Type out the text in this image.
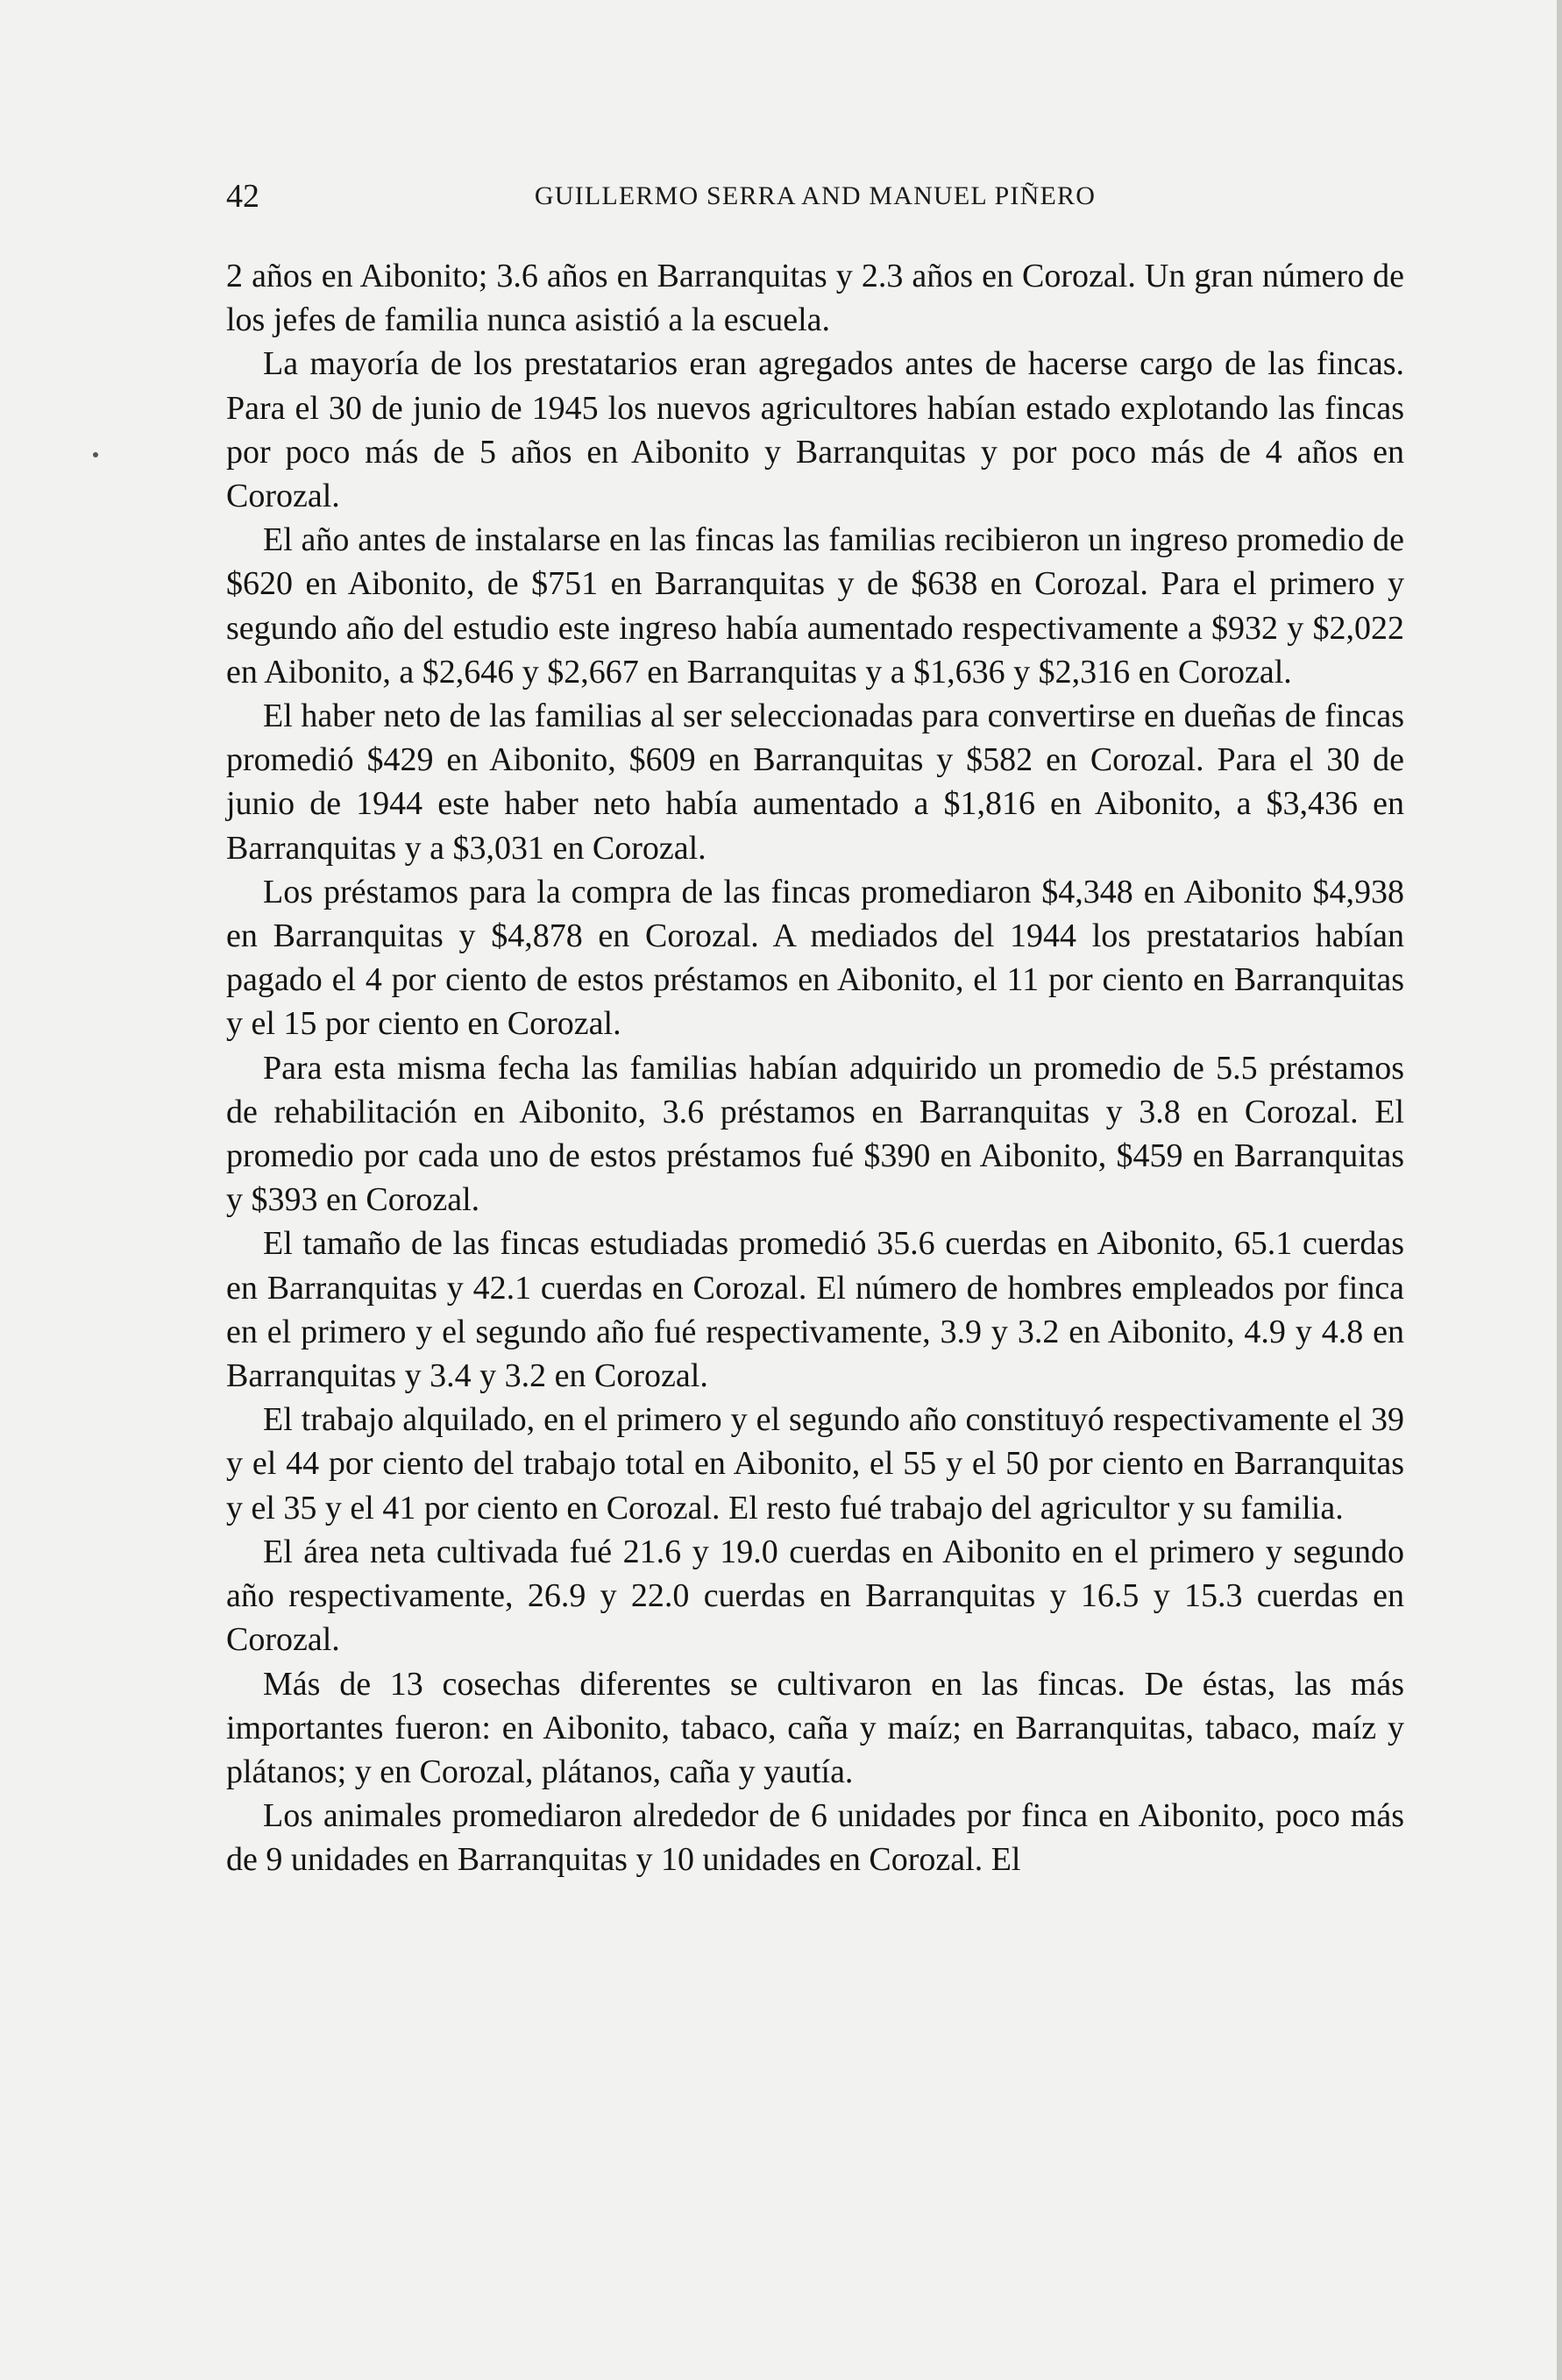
42	GUILLERMO SERRA AND MANUEL PIÑERO

2 años en Aibonito; 3.6 años en Barranquitas y 2.3 años en Corozal. Un gran número de los jefes de familia nunca asistió a la escuela.

La mayoría de los prestatarios eran agregados antes de hacerse cargo de las fincas. Para el 30 de junio de 1945 los nuevos agricultores habían estado explotando las fincas por poco más de 5 años en Aibonito y Barranquitas y por poco más de 4 años en Corozal.

El año antes de instalarse en las fincas las familias recibieron un ingreso promedio de $620 en Aibonito, de $751 en Barranquitas y de $638 en Corozal. Para el primero y segundo año del estudio este ingreso había aumentado respectivamente a $932 y $2,022 en Aibonito, a $2,646 y $2,667 en Barranquitas y a $1,636 y $2,316 en Corozal.

El haber neto de las familias al ser seleccionadas para convertirse en dueñas de fincas promedió $429 en Aibonito, $609 en Barranquitas y $582 en Corozal. Para el 30 de junio de 1944 este haber neto había aumentado a $1,816 en Aibonito, a $3,436 en Barranquitas y a $3,031 en Corozal.

Los préstamos para la compra de las fincas promediaron $4,348 en Aibonito $4,938 en Barranquitas y $4,878 en Corozal. A mediados del 1944 los prestatarios habían pagado el 4 por ciento de estos préstamos en Aibonito, el 11 por ciento en Barranquitas y el 15 por ciento en Corozal.

Para esta misma fecha las familias habían adquirido un promedio de 5.5 préstamos de rehabilitación en Aibonito, 3.6 préstamos en Barranquitas y 3.8 en Corozal. El promedio por cada uno de estos préstamos fué $390 en Aibonito, $459 en Barranquitas y $393 en Corozal.

El tamaño de las fincas estudiadas promedió 35.6 cuerdas en Aibonito, 65.1 cuerdas en Barranquitas y 42.1 cuerdas en Corozal. El número de hombres empleados por finca en el primero y el segundo año fué respectivamente, 3.9 y 3.2 en Aibonito, 4.9 y 4.8 en Barranquitas y 3.4 y 3.2 en Corozal.

El trabajo alquilado, en el primero y el segundo año constituyó respectivamente el 39 y el 44 por ciento del trabajo total en Aibonito, el 55 y el 50 por ciento en Barranquitas y el 35 y el 41 por ciento en Corozal. El resto fué trabajo del agricultor y su familia.

El área neta cultivada fué 21.6 y 19.0 cuerdas en Aibonito en el primero y segundo año respectivamente, 26.9 y 22.0 cuerdas en Barranquitas y 16.5 y 15.3 cuerdas en Corozal.

Más de 13 cosechas diferentes se cultivaron en las fincas. De éstas, las más importantes fueron: en Aibonito, tabaco, caña y maíz; en Barranquitas, tabaco, maíz y plátanos; y en Corozal, plátanos, caña y yautía.

Los animales promediaron alrededor de 6 unidades por finca en Aibonito, poco más de 9 unidades en Barranquitas y 10 unidades en Corozal. El
